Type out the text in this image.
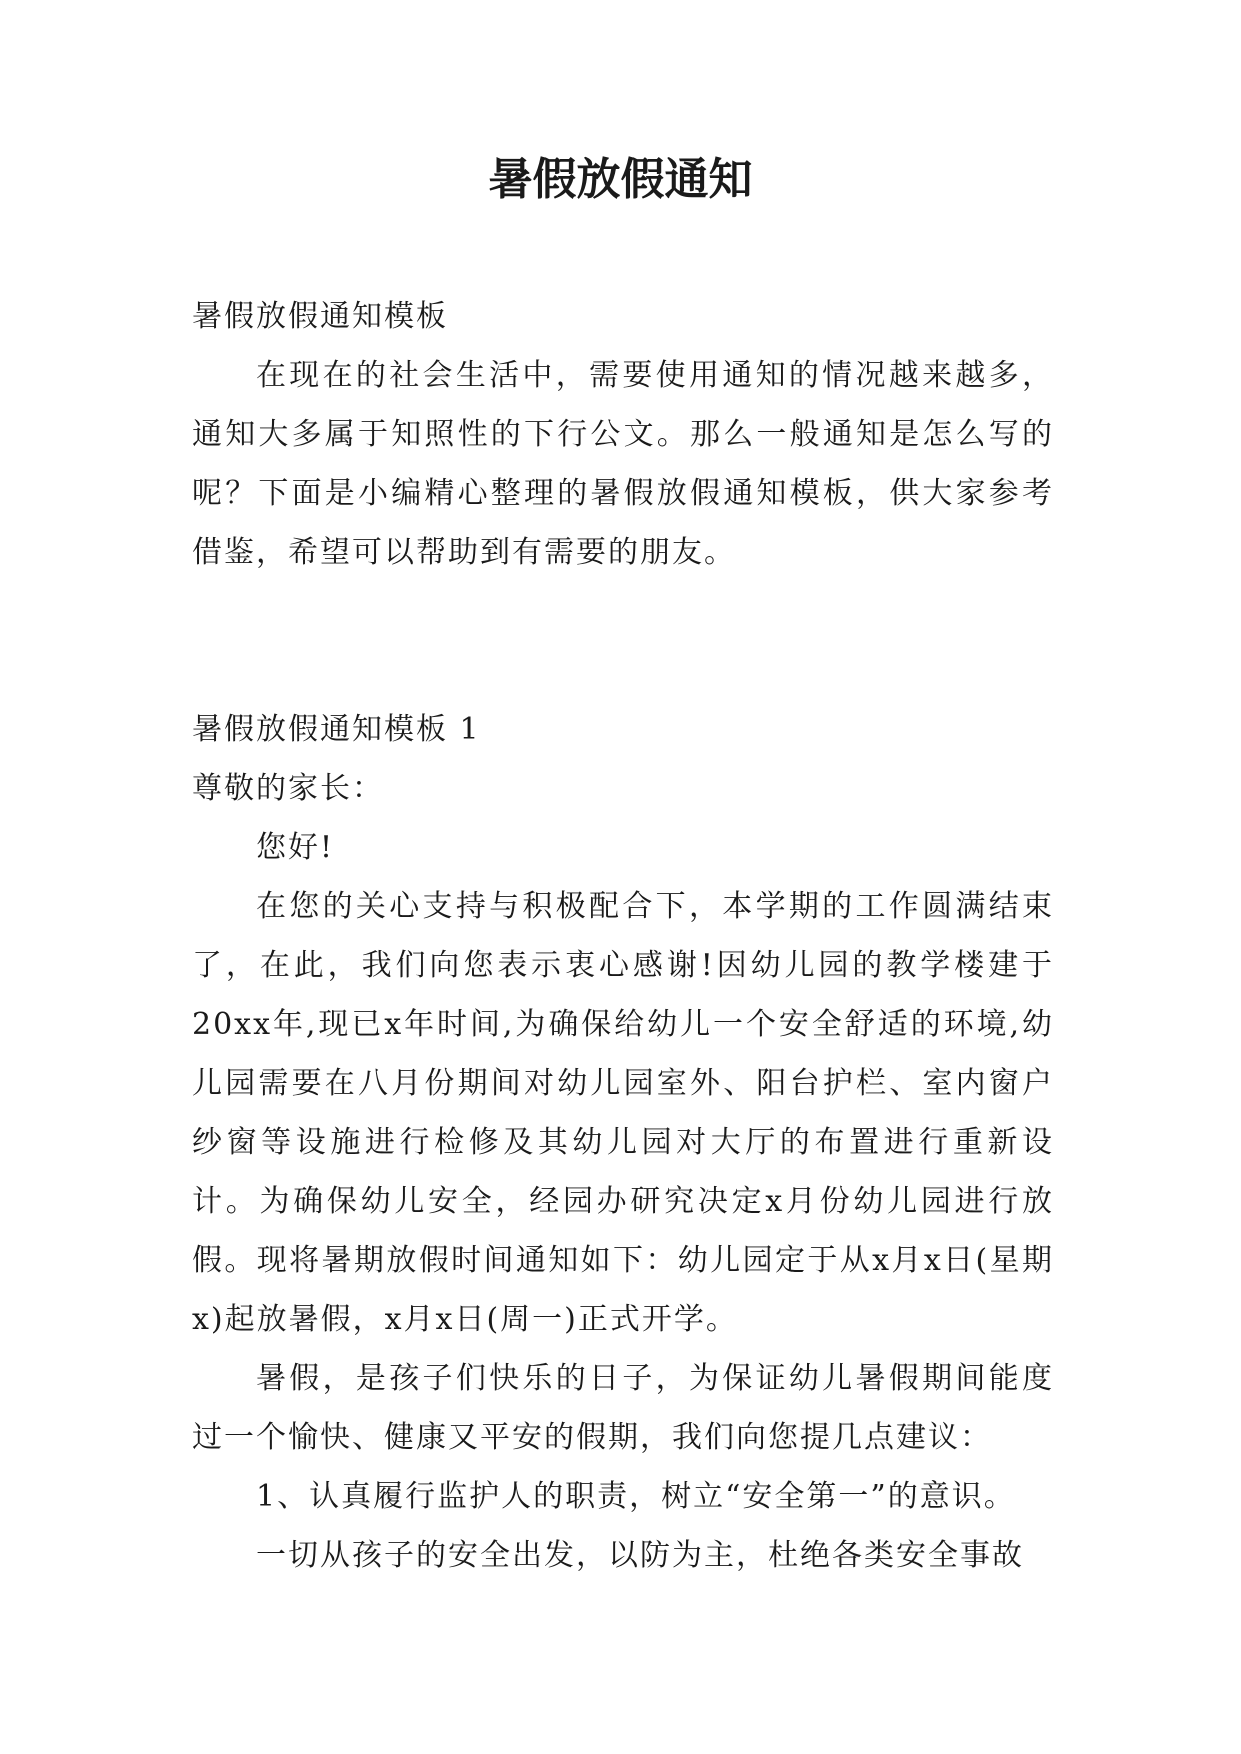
暑假放假通知

暑假放假通知模板

在现在的社会生活中，需要使用通知的情况越来越多，通知大多属于知照性的下行公文。那么一般通知是怎么写的呢？下面是小编精心整理的暑假放假通知模板，供大家参考借鉴，希望可以帮助到有需要的朋友。

暑假放假通知模板 1

尊敬的家长：

您好!

在您的关心支持与积极配合下，本学期的工作圆满结束了，在此，我们向您表示衷心感谢!因幼儿园的教学楼建于20xx年,现已x年时间,为确保给幼儿一个安全舒适的环境,幼儿园需要在八月份期间对幼儿园室外、阳台护栏、室内窗户纱窗等设施进行检修及其幼儿园对大厅的布置进行重新设计。为确保幼儿安全，经园办研究决定x月份幼儿园进行放假。现将暑期放假时间通知如下：幼儿园定于从x月x日(星期x)起放暑假，x月x日(周一)正式开学。

暑假，是孩子们快乐的日子，为保证幼儿暑假期间能度过一个愉快、健康又平安的假期，我们向您提几点建议：

1、认真履行监护人的职责，树立“安全第一”的意识。

一切从孩子的安全出发，以防为主，杜绝各类安全事故
